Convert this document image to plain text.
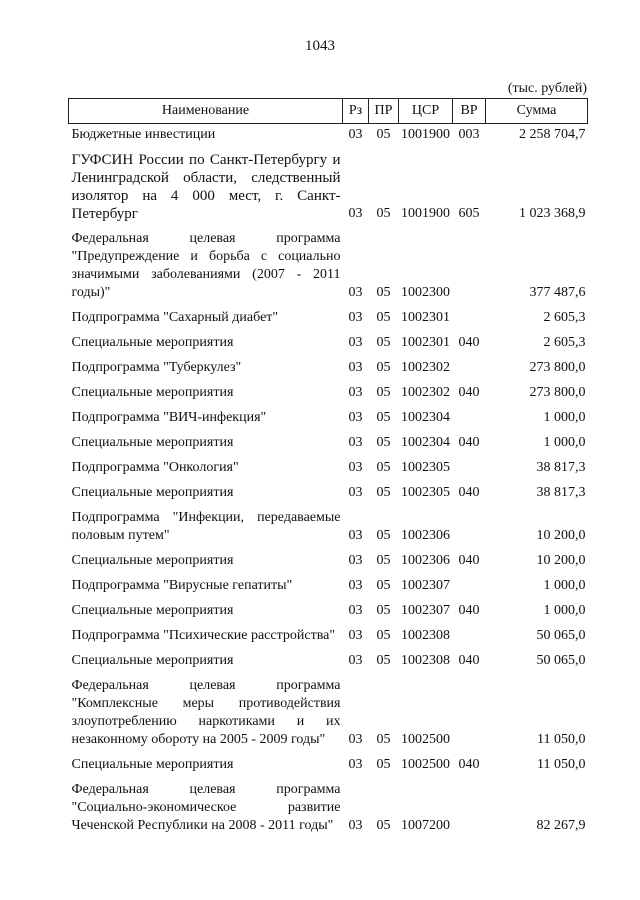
1043
(тыс. рублей)
Наименование	Рз	ПР	ЦСР	ВР	Сумма
Бюджетные инвестиции	03	05	1001900	003	2 258 704,7
ГУФСИН России по Санкт-Петербургу и Ленинградской области, следственный изолятор на 4 000 мест, г. Санкт-Петербург	03	05	1001900	605	1 023 368,9
Федеральная целевая программа "Предупреждение и борьба с социально значимыми заболеваниями (2007 - 2011 годы)"	03	05	1002300		377 487,6
Подпрограмма "Сахарный диабет"	03	05	1002301		2 605,3
Специальные мероприятия	03	05	1002301	040	2 605,3
Подпрограмма "Туберкулез"	03	05	1002302		273 800,0
Специальные мероприятия	03	05	1002302	040	273 800,0
Подпрограмма "ВИЧ-инфекция"	03	05	1002304		1 000,0
Специальные мероприятия	03	05	1002304	040	1 000,0
Подпрограмма "Онкология"	03	05	1002305		38 817,3
Специальные мероприятия	03	05	1002305	040	38 817,3
Подпрограмма "Инфекции, передаваемые половым путем"	03	05	1002306		10 200,0
Специальные мероприятия	03	05	1002306	040	10 200,0
Подпрограмма "Вирусные гепатиты"	03	05	1002307		1 000,0
Специальные мероприятия	03	05	1002307	040	1 000,0
Подпрограмма "Психические расстройства"	03	05	1002308		50 065,0
Специальные мероприятия	03	05	1002308	040	50 065,0
Федеральная целевая программа "Комплексные меры противодействия злоупотреблению наркотиками и их незаконному обороту на 2005 - 2009 годы"	03	05	1002500		11 050,0
Специальные мероприятия	03	05	1002500	040	11 050,0
Федеральная целевая программа "Социально-экономическое развитие Чеченской Республики на 2008 - 2011 годы"	03	05	1007200		82 267,9
